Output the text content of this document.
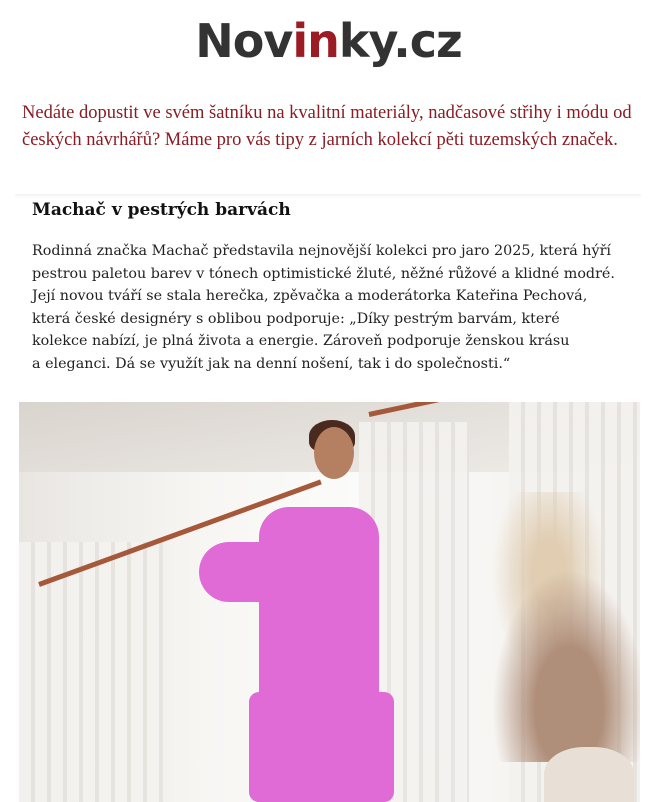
Novinky.cz

Nedáte dopustit ve svém šatníku na kvalitní materiály, nadčasové střihy i módu od českých návrhářů? Máme pro vás tipy z jarních kolekcí pěti tuzemských značek.

Machač v pestrých barvách
Rodinná značka Machač představila nejnovější kolekci pro jaro 2025, která hýří
pestrou paletou barev v tónech optimistické žluté, něžné růžové a klidné modré.
Její novou tváří se stala herečka, zpěvačka a moderátorka Kateřina Pechová,
která české designéry s oblibou podporuje: „Díky pestrým barvám, které
kolekce nabízí, je plná života a energie. Zároveň podporuje ženskou krásu
a eleganci. Dá se využít jak na denní nošení, tak i do společnosti.“
